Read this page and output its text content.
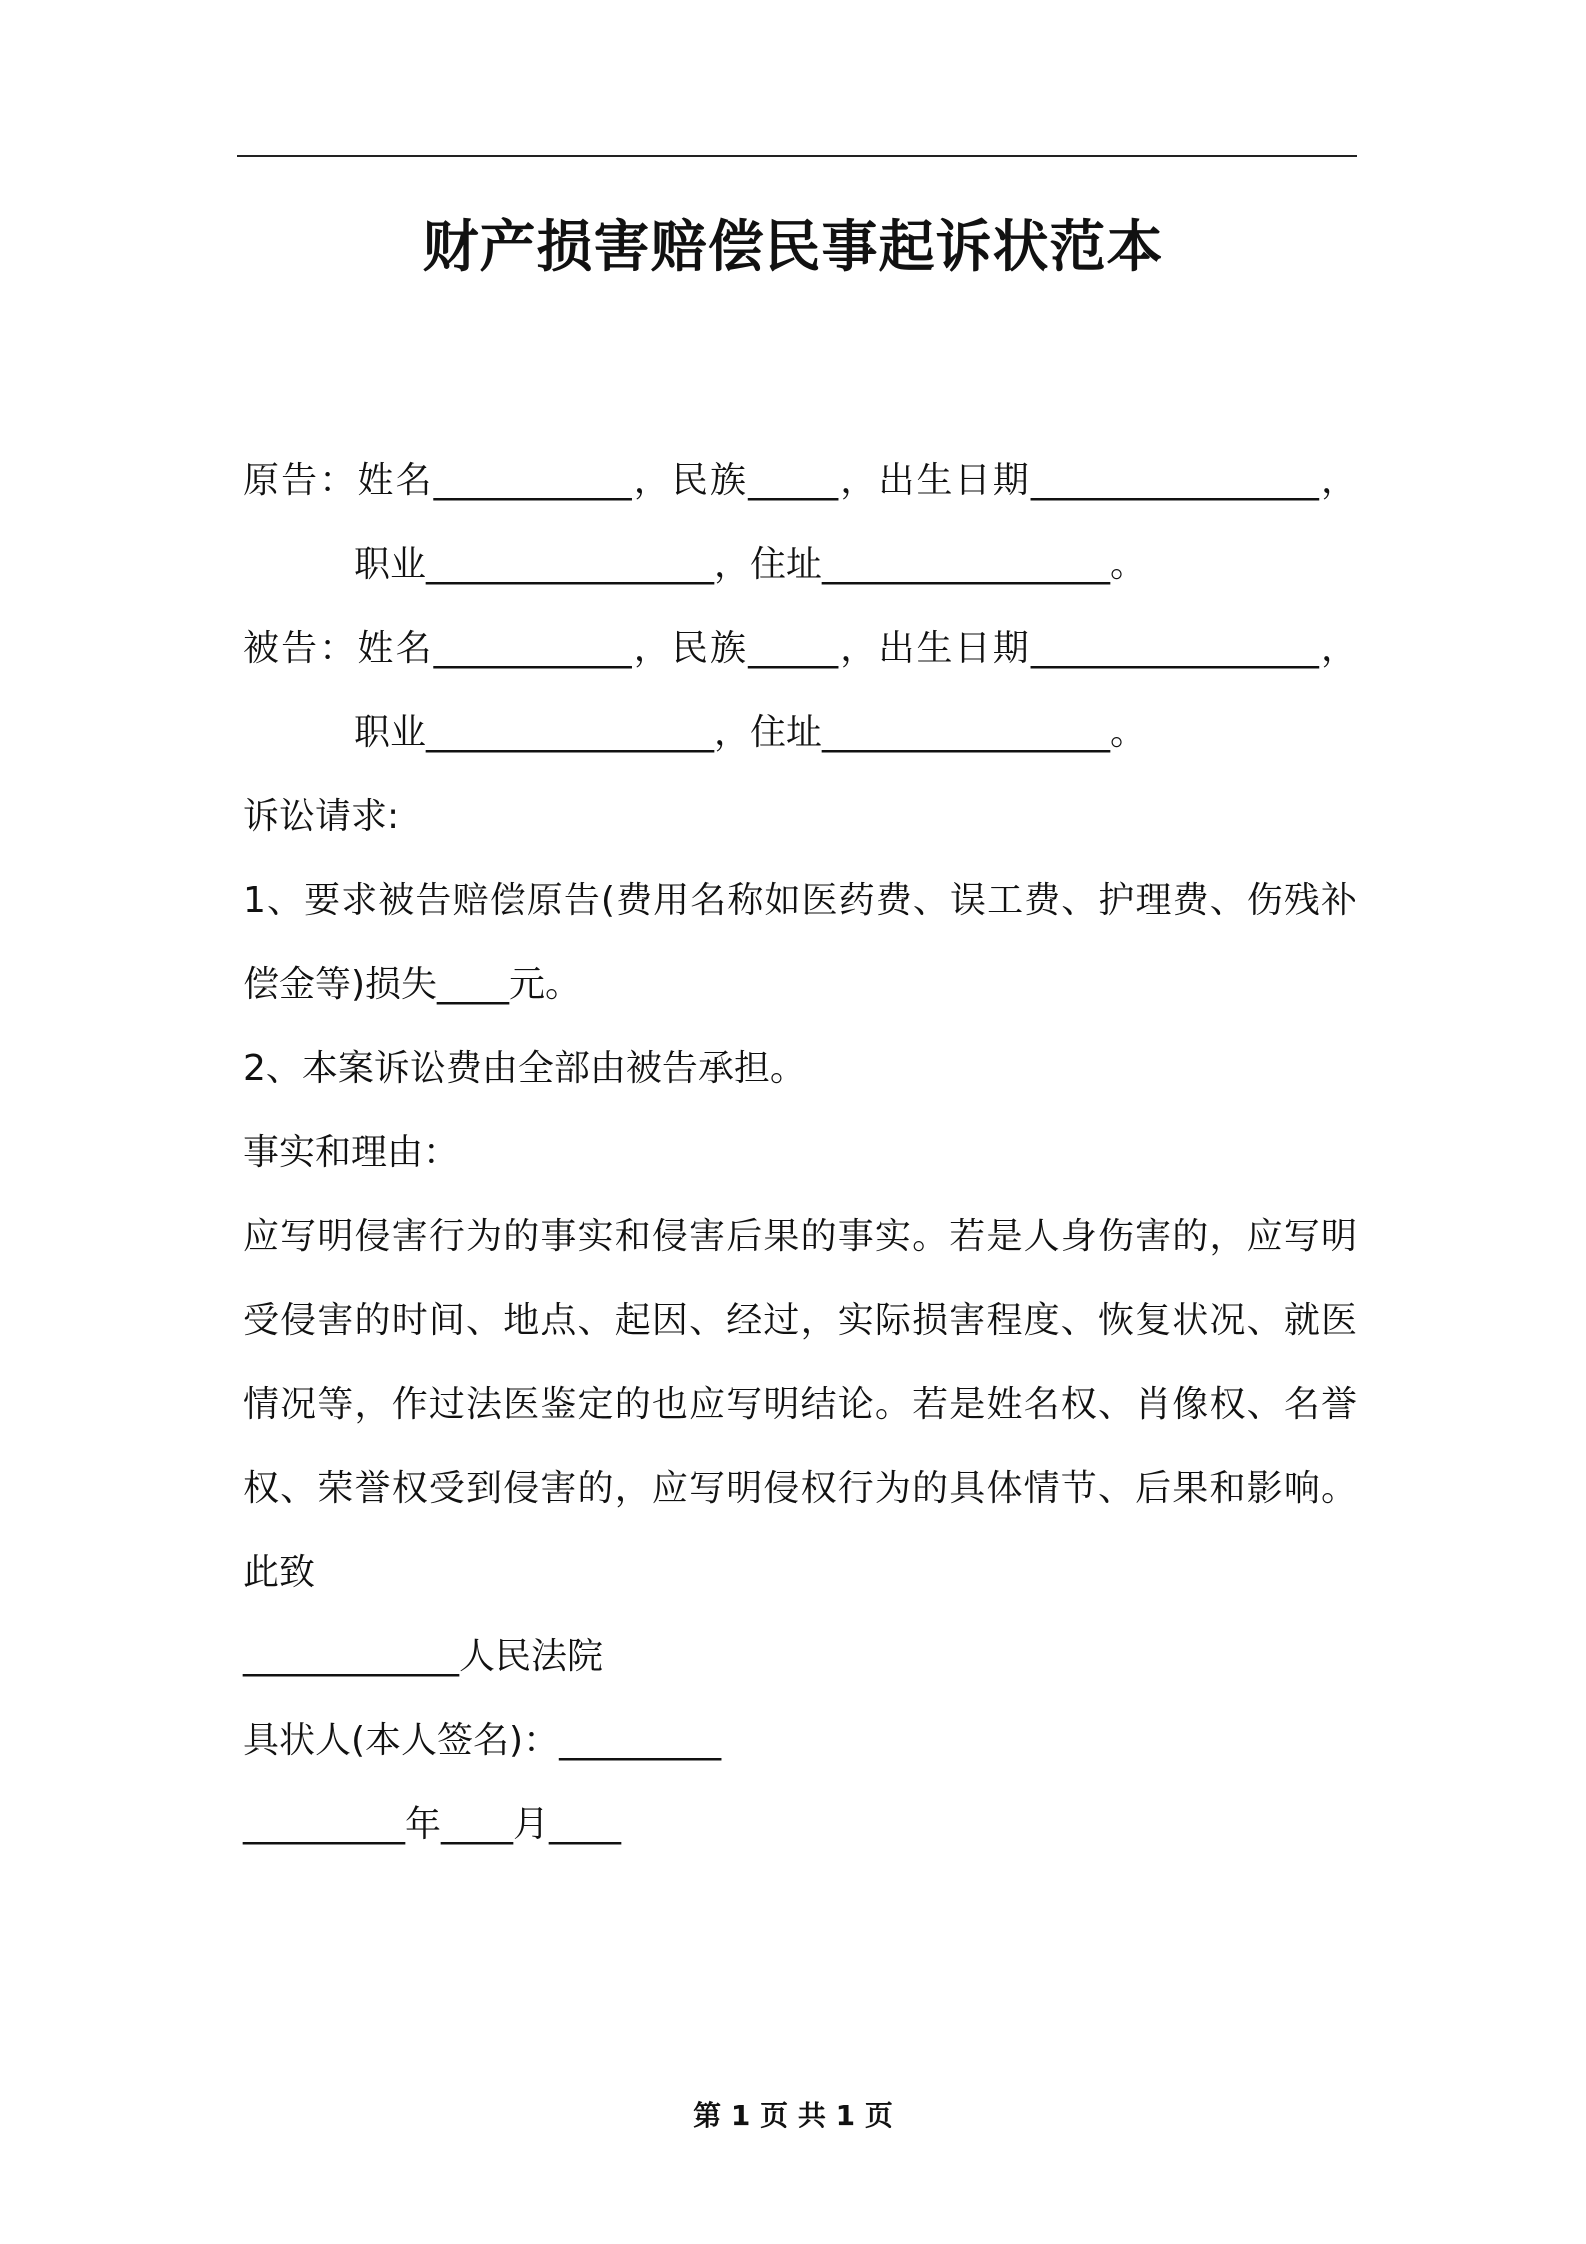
财产损害赔偿民事起诉状范本
原告：姓名___________，民族_____，出生日期________________，
职业________________，住址________________。
被告：姓名___________，民族_____，出生日期________________，
职业________________，住址________________。
诉讼请求:
1、要求被告赔偿原告(费用名称如医药费、误工费、护理费、伤残补
偿金等)损失____元。
2、本案诉讼费由全部由被告承担。
事实和理由：
应写明侵害行为的事实和侵害后果的事实。若是人身伤害的，应写明
受侵害的时间、地点、起因、经过，实际损害程度、恢复状况、就医
情况等，作过法医鉴定的也应写明结论。若是姓名权、肖像权、名誉
权、荣誉权受到侵害的，应写明侵权行为的具体情节、后果和影响。
此致
____________人民法院
具状人(本人签名)：_________
_________年____月____
第 1 页 共 1 页
